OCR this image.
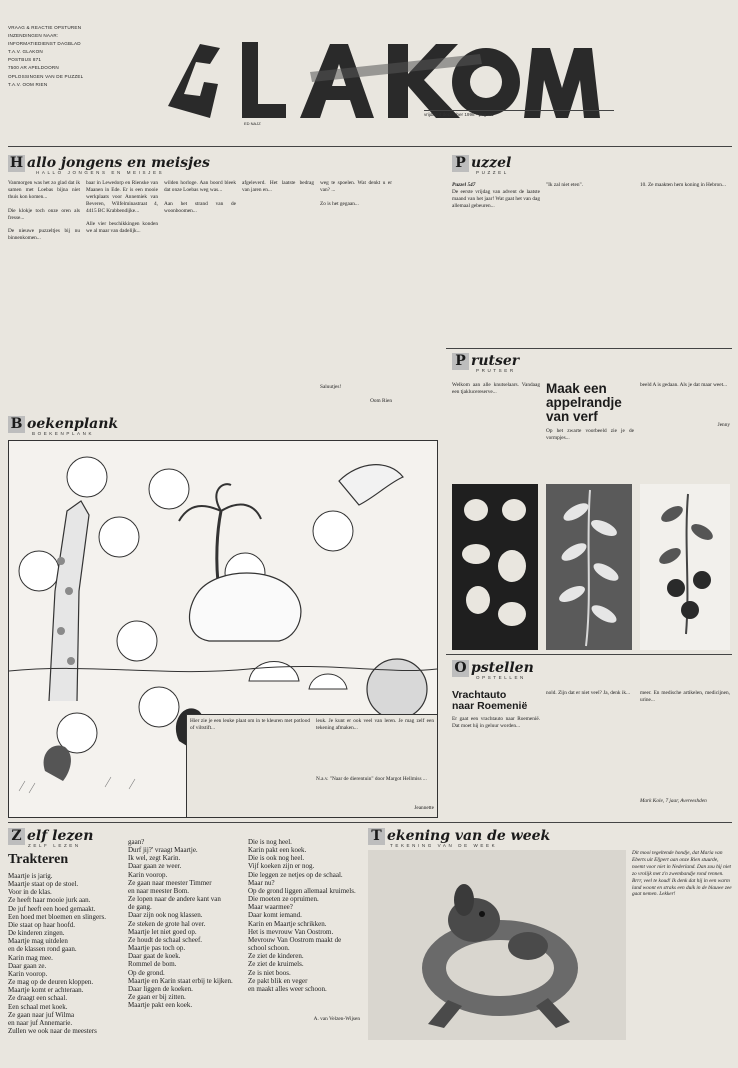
VRAAG & REACTIE OPSTUREN
INZENDINGEN NAAR:
INFORMATIEDIENST DAGBLAD
T.A.V. GLAKON
POSTBUS 871
7500 AR APELDOORN
OPLOSSINGEN VAN DE PUZZEL
T.A.V. OOM RIEN
ED NAJZ
vrijdag 4 december 1998 · pag. 11
H allo jongens en meisjes
HALLO JONGENS EN MEISJES

Vanmorgen was het zo glad dat ik samen met Loebas bijna niet thuis kon komen...

Die klokje toch onze oren als fresse...

De nieuwe puzzeltjes bij nu binnenkomen...

baar in Lewedorp en Rienske van Maanen in Ede. Er is een mooie werkplaats voor Annemiek van Beveren, Wilfelminastraat 4, 4415 BC Krabbendijke...

Alle vier beschikkingen konden we al maar van dadelijk...

wilden horloge. Aan boord bleek dat onze Loebas weg was...

Aan het strand van de woonboomen...

afgeleverd. Het laatste bedrag van jaren en...

weg te spoelen. Wat denkt u er van? ...

Zo is het gegaan...

Saluutjes!
Oom Rien
P uzzel
PUZZEL
Puzzel 547
De eerste vrijdag van advent de laatste maand van het jaar! Wat gaat het van dag allemaal gebeuren...
"Ik zal niet eten".	10. Ze maakten hem koning in Hebron...
P rutser
PRUTSER
Welkom aan alle knutselaars. Vandaag een tjaklucereserve...	Maak een
appelrandje
van verf
Op het zwarte voorbeeld zie je de vormpjes...
beeld A is gedaan. Als je dat maar weet...
Jenny
B oekenplank
BOEKENPLANK
Hier zie je een leuke plaat om in te kleuren met potlood of viltstift...
leuk. Je kunt er ook veel van leren. Je mag zelf een tekening afmaken...
N.a.v. "Naar de dierentuin" door Margot Hellmiss ...
Jeannette
O pstellen
OPSTELLEN
Vrachtauto
naar Roemenië
Er gaat een vrachtauto naar Roemenië. Dat moet hij in geluur worden...
nold. Zijn dat er niet veel? Ja, denk ik...	meer. En medische artikelen, medicijnen, urine...
Mark Kole, 7 jaar, Avereeshden
Z elf lezen
ZELF LEZEN
Trakteren
Maartje is jarig.
Maartje staat op de stoel.
Voor in de klas.
Ze heeft haar mooie jurk aan.
De juf heeft een hoed gemaakt.
Een hoed met bloemen en slingers.
Die staat op haar hoofd.
De kinderen zingen.
Maartje mag uitdelen
en de klassen rond gaan.
Karin mag mee.
Daar gaan ze.
Karin voorop.
Ze mag op de deuren kloppen.
Maartje komt er achteraan.
Ze draagt een schaal.
Een schaal met koek.
Ze gaan naar juf Wilma
en naar juf Annemarie.
Zullen we ook naar de meesters
gaan?
Durf jij?' vraagt Maartje.
Ik wel, zegt Karin.
Daar gaan ze weer.
Karin voorop.
Ze gaan naar meester Timmer
en naar meester Bom.
Ze lopen naar de andere kant van
de gang.
Daar zijn ook nog klassen.
Ze steken de grote hal over.
Maartje let niet goed op.
Ze houdt de schaal scheef.
Maartje pas toch op.
Daar gaat de koek.
Rommel de bom.
Op de grond.
Maartje en Karin staat erbij te kijken.
Daar liggen de koeken.
Ze gaan er bij zitten.
Maartje pakt een koek.
Die is nog heel.
Karin pakt een koek.
Die is ook nog heel.
Vijf koeken zijn er nog.
Die leggen ze netjes op de schaal.
Maar nu?
Op de grond liggen allemaal kruimels.
Die moeten ze opruimen.
Maar waarmee?
Daar komt iemand.
Karin en Maartje schrikken.
Het is mevrouw Van Oostrom.
Mevrouw Van Oostrom maakt de
school schoon.
Ze ziet de kinderen.
Ze ziet de kruimels.
Ze is niet boos.
Ze pakt blik en veger
en maakt alles weer schoon.
A. van Velzen-Wijsen
T ekening van de week
TEKENING VAN DE WEEK
Dit mooi tegeltende hondje, dat Maria van Eberts uit Eljpert aan onze Rien stuurde, noemt voor niet in Nederland. Dan zou hij niet zo vrolijk met z'n zwembandje rond rennen. Brrr, veel te koud! Ik denk dat hij in een warm land woont en straks een duik in de blauwe zee gaat nemen. Lekker!
